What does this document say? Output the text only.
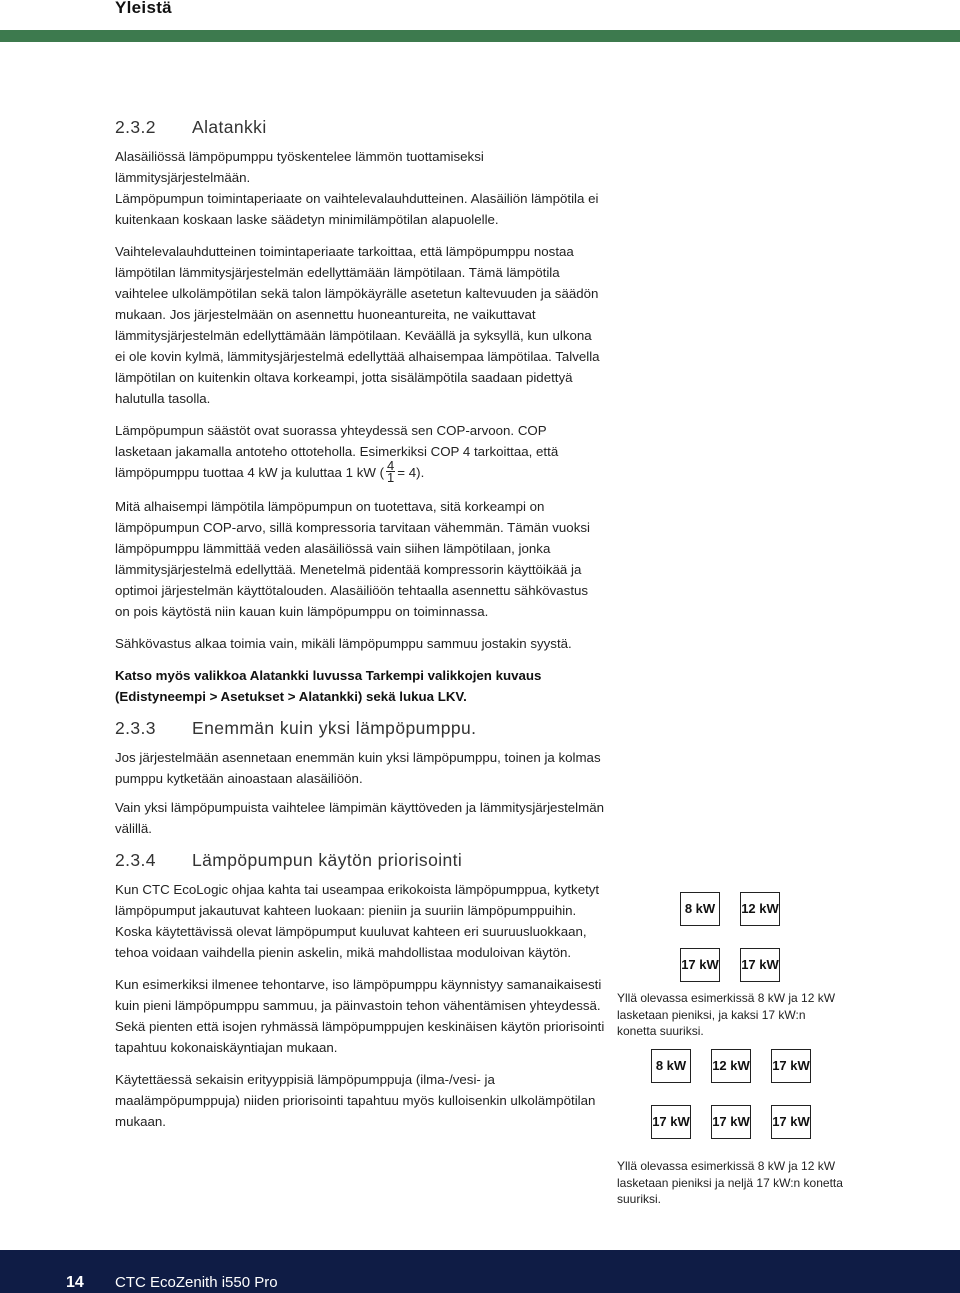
Yleistä
2.3.2 Alatankki

Alasäiliössä lämpöpumppu työskentelee lämmön tuottamiseksi lämmitysjärjestelmään.

Lämpöpumpun toimintaperiaate on vaihtelevalauhdutteinen. Alasäiliön lämpötila ei kuitenkaan koskaan laske säädetyn minimilämpötilan alapuolelle.

Vaihtelevalauhdutteinen toimintaperiaate tarkoittaa, että lämpöpumppu nostaa lämpötilan lämmitysjärjestelmän edellyttämään lämpötilaan. Tämä lämpötila vaihtelee ulkolämpötilan sekä talon lämpökäyrälle asetetun kaltevuuden ja säädön mukaan. Jos järjestelmään on asennettu huoneantureita, ne vaikuttavat lämmitysjärjestelmän edellyttämään lämpötilaan. Keväällä ja syksyllä, kun ulkona ei ole kovin kylmä, lämmitysjärjestelmä edellyttää alhaisempaa lämpötilaa. Talvella lämpötilan on kuitenkin oltava korkeampi, jotta sisälämpötila saadaan pidettyä halutulla tasolla.

Lämpöpumpun säästöt ovat suorassa yhteydessä sen COP-arvoon. COP lasketaan jakamalla antoteho ottoteholla. Esimerkiksi COP 4 tarkoittaa, että lämpöpumppu tuottaa 4 kW ja kuluttaa 1 kW ( $\frac{4}{1} = 4$).

Mitä alhaisempi lämpötila lämpöpumpun on tuotettava, sitä korkeampi on lämpöpumpun COP-arvo, sillä kompressoria tarvitaan vähemmän. Tämän vuoksi lämpöpumppu lämmittää veden alasäiliössä vain siihen lämpötilaan, jonka lämmitysjärjestelmä edellyttää. Menetelmä pidentää kompressorin käyttöikää ja optimoi järjestelmän käyttötalouden. Alasäiliöön tehtaalla asennettu sähkövastus on pois käytöstä niin kauan kuin lämpöpumppu on toiminnassa.

Sähkövastus alkaa toimia vain, mikäli lämpöpumppu sammuu jostakin syystä.

Katso myös valikkoa Alatankki luvussa Tarkempi valikkojen kuvaus (Edistyneempi > Asetukset > Alatankki) sekä lukua LKV.

2.3.3 Enemmän kuin yksi lämpöpumppu.

Jos järjestelmään asennetaan enemmän kuin yksi lämpöpumppu, toinen ja kolmas pumppu kytketään ainoastaan alasäiliöön.

Vain yksi lämpöpumpuista vaihtelee lämpimän käyttöveden ja lämmitysjärjestelmän välillä.

2.3.4 Lämpöpumpun käytön priorisointi

Kun CTC EcoLogic ohjaa kahta tai useampaa erikokoista lämpöpumppua, kytketyt lämpöpumput jakautuvat kahteen luokaan: pieniin ja suuriin lämpöpumppuihin. Koska käytettävissä olevat lämpöpumput kuuluvat kahteen eri suuruusluokkaan, tehoa voidaan vaihdella pienin askelin, mikä mahdollistaa moduloivan käytön.

Kun esimerkiksi ilmenee tehontarve, iso lämpöpumppu käynnistyy samanaikaisesti kuin pieni lämpöpumppu sammuu, ja päinvastoin tehon vähentämisen yhteydessä. Sekä pienten että isojen ryhmässä lämpöpumppujen keskinäisen käytön priorisointi tapahtuu kokonaiskäyntiajan mukaan.

Käytettäessä sekaisin erityyppisiä lämpöpumppuja (ilma-/vesi- ja maalämpöpumppuja) niiden priorisointi tapahtuu myös kulloisenkin ulkolämpötilan mukaan.

8 kW	12 kW
17 kW 17 kW
Yllä olevassa esimerkissä 8 kW ja 12 kW lasketaan pieniksi, ja kaksi 17 kW:n konetta suuriksi.
8 kW	12 kW 17 kW
17 kW 17 kW 17 kW
Yllä olevassa esimerkissä 8 kW ja 12 kW lasketaan pieniksi ja neljä 17 kW:n konetta suuriksi.
14 CTC EcoZenith i550 Pro
